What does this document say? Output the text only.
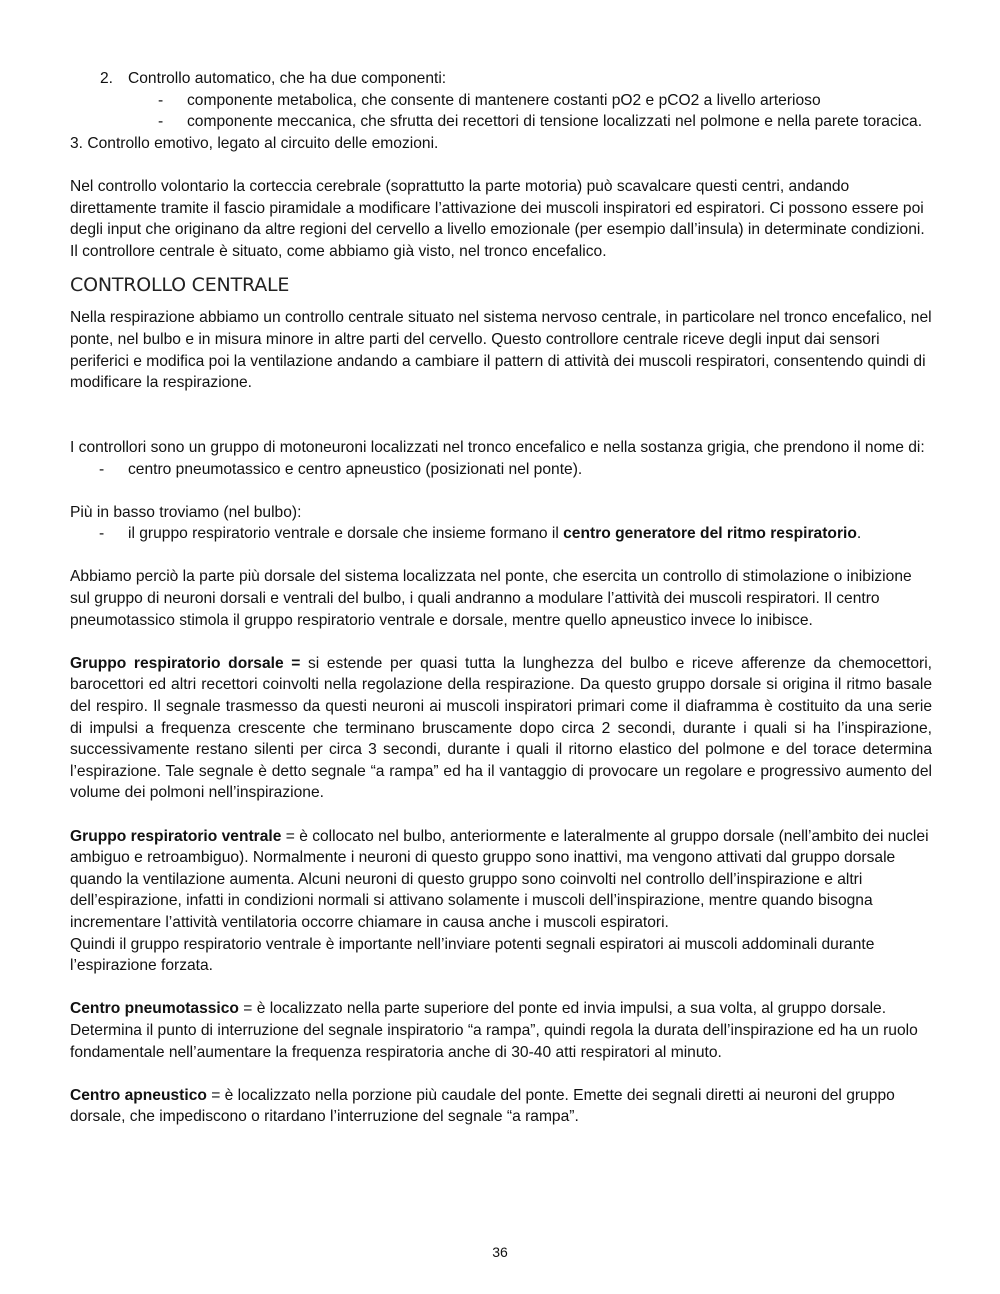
2. Controllo automatico, che ha due componenti:
- componente metabolica, che consente di mantenere costanti pO2 e pCO2 a livello arterioso
- componente meccanica, che sfrutta dei recettori di tensione localizzati nel polmone e nella parete toracica.

3. Controllo emotivo, legato al circuito delle emozioni.

Nel controllo volontario la corteccia cerebrale (soprattutto la parte motoria) può scavalcare questi centri, andando direttamente tramite il fascio piramidale a modificare l’attivazione dei muscoli inspiratori ed espiratori. Ci possono essere poi degli input che originano da altre regioni del cervello a livello emozionale (per esempio dall’insula) in determinate condizioni. Il controllore centrale è situato, come abbiamo già visto, nel tronco encefalico.

CONTROLLO CENTRALE

Nella respirazione abbiamo un controllo centrale situato nel sistema nervoso centrale, in particolare nel tronco encefalico, nel ponte, nel bulbo e in misura minore in altre parti del cervello. Questo controllore centrale riceve degli input dai sensori periferici e modifica poi la ventilazione andando a cambiare il pattern di attività dei muscoli respiratori, consentendo quindi di modificare la respirazione.

I controllori sono un gruppo di motoneuroni localizzati nel tronco encefalico e nella sostanza grigia, che prendono il nome di:

- centro pneumotassico e centro apneustico (posizionati nel ponte).

Più in basso troviamo (nel bulbo):

- il gruppo respiratorio ventrale e dorsale che insieme formano il centro generatore del ritmo respiratorio.

Abbiamo perciò la parte più dorsale del sistema localizzata nel ponte, che esercita un controllo di stimolazione o inibizione sul gruppo di neuroni dorsali e ventrali del bulbo, i quali andranno a modulare l’attività dei muscoli respiratori. Il centro pneumotassico stimola il gruppo respiratorio ventrale e dorsale, mentre quello apneustico invece lo inibisce.

Gruppo respiratorio dorsale = si estende per quasi tutta la lunghezza del bulbo e riceve afferenze da chemocettori, barocettori ed altri recettori coinvolti nella regolazione della respirazione. Da questo gruppo dorsale si origina il ritmo basale del respiro. Il segnale trasmesso da questi neuroni ai muscoli inspiratori primari come il diaframma è costituito da una serie di impulsi a frequenza crescente che terminano bruscamente dopo circa 2 secondi, durante i quali si ha l’inspirazione, successivamente restano silenti per circa 3 secondi, durante i quali il ritorno elastico del polmone e del torace determina l’espirazione. Tale segnale è detto segnale “a rampa” ed ha il vantaggio di provocare un regolare e progressivo aumento del volume dei polmoni nell’inspirazione.

Gruppo respiratorio ventrale = è collocato nel bulbo, anteriormente e lateralmente al gruppo dorsale (nell’ambito dei nuclei ambiguo e retroambiguo). Normalmente i neuroni di questo gruppo sono inattivi, ma vengono attivati dal gruppo dorsale quando la ventilazione aumenta. Alcuni neuroni di questo gruppo sono coinvolti nel controllo dell’inspirazione e altri dell’espirazione, infatti in condizioni normali si attivano solamente i muscoli dell’inspirazione, mentre quando bisogna incrementare l’attività ventilatoria occorre chiamare in causa anche i muscoli espiratori.

Quindi il gruppo respiratorio ventrale è importante nell’inviare potenti segnali espiratori ai muscoli addominali durante l’espirazione forzata.

Centro pneumotassico = è localizzato nella parte superiore del ponte ed invia impulsi, a sua volta, al gruppo dorsale. Determina il punto di interruzione del segnale inspiratorio “a rampa”, quindi regola la durata dell’inspirazione ed ha un ruolo fondamentale nell’aumentare la frequenza respiratoria anche di 30-40 atti respiratori al minuto.

Centro apneustico = è localizzato nella porzione più caudale del ponte. Emette dei segnali diretti ai neuroni del gruppo dorsale, che impediscono o ritardano l’interruzione del segnale “a rampa”.

36
